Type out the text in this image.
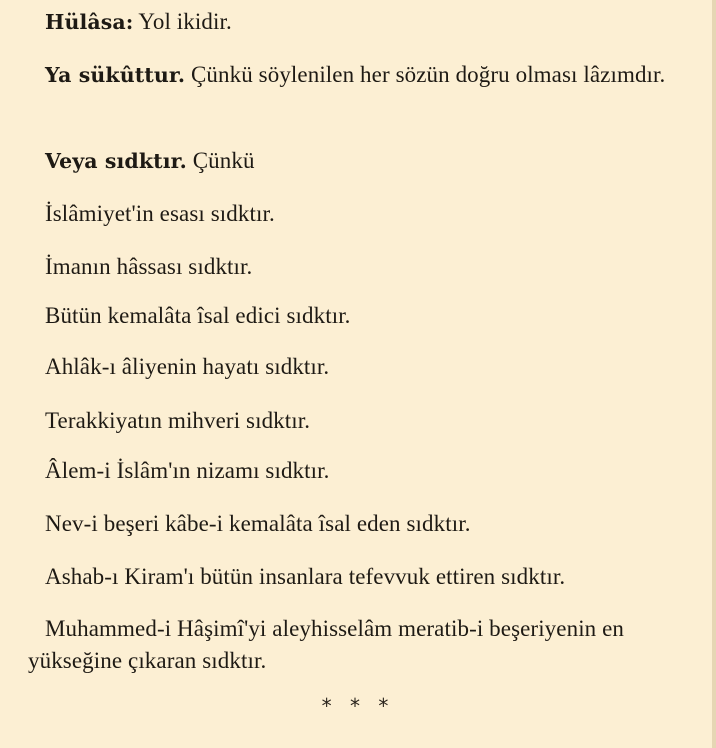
Hülâsa: Yol ikidir.

Ya sükûttur. Çünkü söylenilen her sözün doğru olması lâzımdır.

Veya sıdktır. Çünkü

İslâmiyet'in esası sıdktır.

İmanın hâssası sıdktır.

Bütün kemalâta îsal edici sıdktır.

Ahlâk-ı âliyenin hayatı sıdktır.

Terakkiyatın mihveri sıdktır.

Âlem-i İslâm'ın nizamı sıdktır.

Nev-i beşeri kâbe-i kemalâta îsal eden sıdktır.

Ashab-ı Kiram'ı bütün insanlara tefevvuk ettiren sıdktır.

Muhammed-i Hâşimî'yi aleyhisselâm meratib-i beşeriyenin en yükseğine çıkaran sıdktır.

* * *
